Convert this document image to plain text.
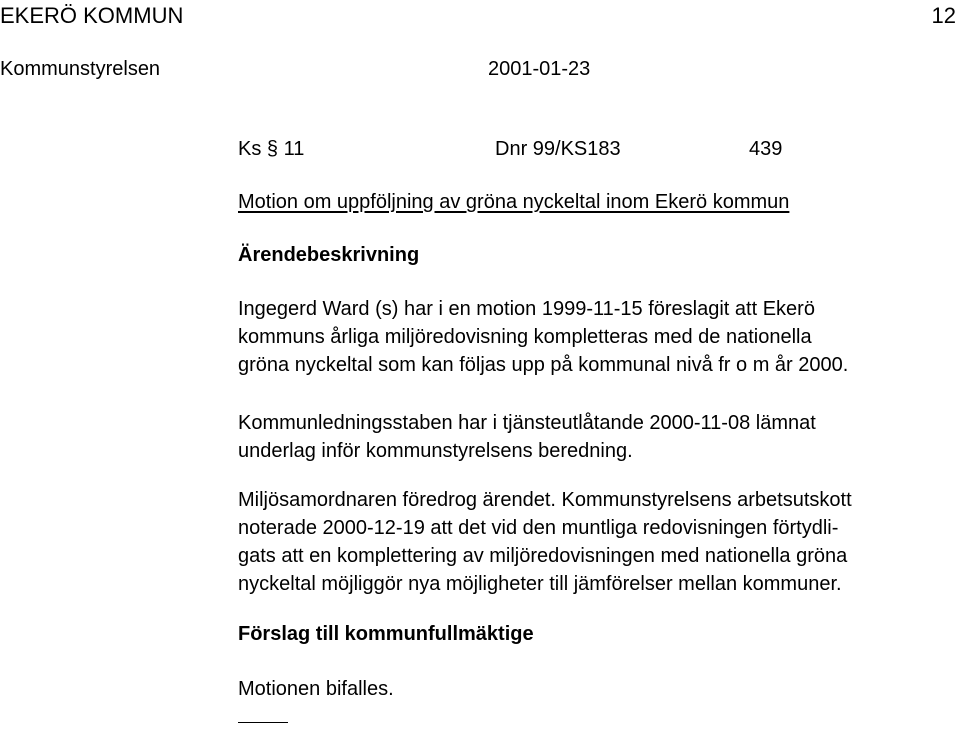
EKERÖ KOMMUN	12
Kommunstyrelsen	2001-01-23
Ks § 11	Dnr 99/KS183	439
Motion om uppföljning av gröna nyckeltal inom Ekerö kommun
Ärendebeskrivning
Ingegerd Ward (s) har i en motion 1999-11-15 föreslagit att Ekerö
kommuns årliga miljöredovisning kompletteras med de nationella
gröna nyckeltal som kan följas upp på kommunal nivå fr o m år 2000.
Kommunledningsstaben har i tjänsteutlåtande 2000-11-08 lämnat
underlag inför kommunstyrelsens beredning.
Miljösamordnaren föredrog ärendet. Kommunstyrelsens arbetsutskott
noterade 2000-12-19 att det vid den muntliga redovisningen förtydli-
gats att en komplettering av miljöredovisningen med nationella gröna
nyckeltal möjliggör nya möjligheter till jämförelser mellan kommuner.
Förslag till kommunfullmäktige
Motionen bifalles.
